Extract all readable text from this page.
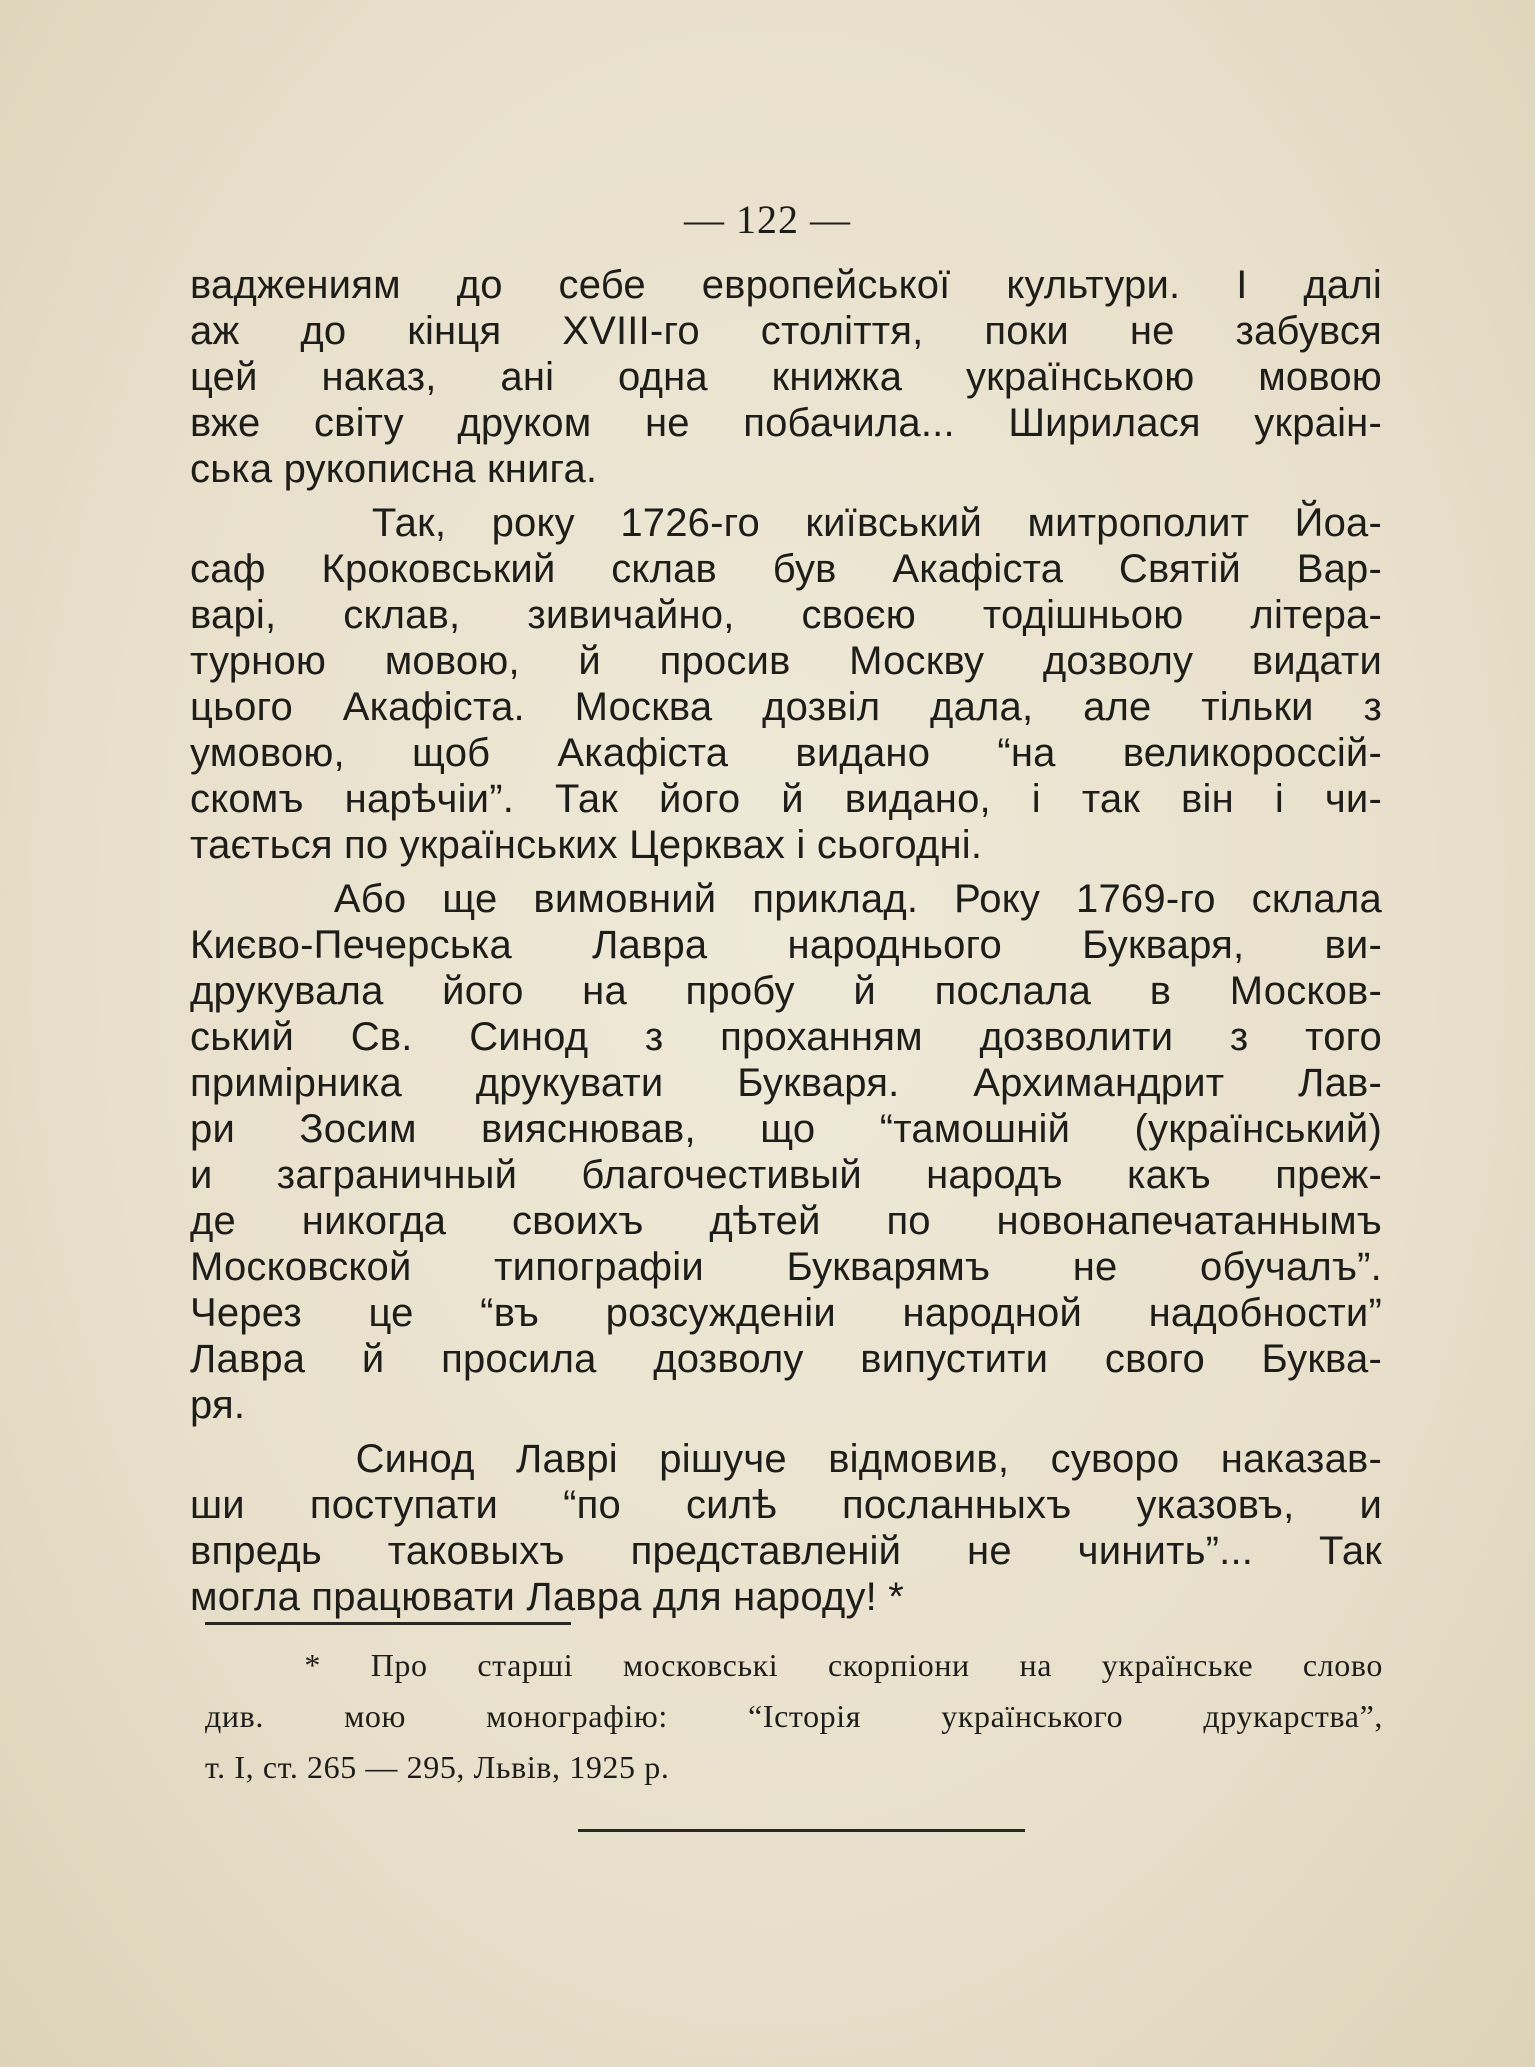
— 122 —
ваджениям до себе европейської культури. І далі
аж до кінця XVIII-го століття, поки не забувся
цей наказ, ані одна книжка українською мовою
вже світу друком не побачила... Ширилася украін-
ська рукописна книга.
Так, року 1726-го київський митрополит Йоа-
саф Кроковський склав був Акафіста Святій Вар-
варі, склав, зивичайно, своєю тодішньою літера-
турною мовою, й просив Москву дозволу видати
цього Акафіста. Москва дозвіл дала, але тільки з
умовою, щоб Акафіста видано “на великороссій-
скомъ нарѣчіи”. Так його й видано, і так він і чи-
тається по українських Церквах і сьогодні.
Або ще вимовний приклад. Року 1769-го склала
Києво-Печерська Лавра народнього Букваря, ви-
друкувала його на пробу й послала в Москов-
ський Св. Синод з проханням дозволити з того
примірника друкувати Букваря. Архимандрит Лав-
ри Зосим вияснював, що “тамошній (український)
и заграничный благочестивый народъ какъ преж-
де никогда своихъ дѣтей по новонапечатаннымъ
Московской типографіи Букварямъ не обучалъ”.
Через це “въ розсужденіи народной надобности”
Лавра й просила дозволу випустити свого Буква-
ря.
Синод Лаврі рішуче відмовив, суворо наказав-
ши поступати “по силѣ посланныхъ указовъ, и
впредь таковыхъ представленій не чинить”... Так
могла працювати Лавра для народу! *
* Про старші московські скорпіони на українське слово
див. мою монографію: “Історія українського друкарства”,
т. І, ст. 265 — 295, Львів, 1925 р.
